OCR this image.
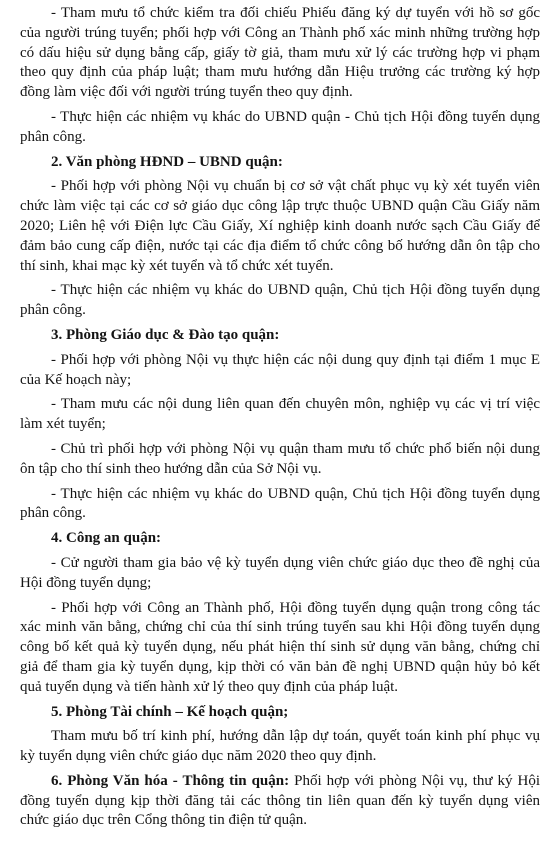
- Tham mưu tổ chức kiểm tra đối chiếu Phiếu đăng ký dự tuyển với hồ sơ gốc của người trúng tuyển; phối hợp với Công an Thành phố xác minh những trường hợp có dấu hiệu sử dụng bằng cấp, giấy tờ giả, tham mưu xử lý các trường hợp vi phạm theo quy định của pháp luật; tham mưu hướng dẫn Hiệu trưởng các trường ký hợp đồng làm việc đối với người trúng tuyển theo quy định.

- Thực hiện các nhiệm vụ khác do UBND quận - Chủ tịch Hội đồng tuyển dụng phân công.

2. Văn phòng HĐND – UBND quận:

- Phối hợp với phòng Nội vụ chuẩn bị cơ sở vật chất phục vụ kỳ xét tuyển viên chức làm việc tại các cơ sở giáo dục công lập trực thuộc UBND quận Cầu Giấy năm 2020; Liên hệ với Điện lực Cầu Giấy, Xí nghiệp kinh doanh nước sạch Cầu Giấy để đảm bảo cung cấp điện, nước tại các địa điểm tổ chức công bố hướng dẫn ôn tập cho thí sinh, khai mạc kỳ xét tuyển và tổ chức xét tuyển.

- Thực hiện các nhiệm vụ khác do UBND quận, Chủ tịch Hội đồng tuyển dụng phân công.

3. Phòng Giáo dục & Đào tạo quận:

- Phối hợp với phòng Nội vụ thực hiện các nội dung quy định tại điểm 1 mục E của Kế hoạch này;

- Tham mưu các nội dung liên quan đến chuyên môn, nghiệp vụ các vị trí việc làm xét tuyển;

- Chủ trì phối hợp với phòng Nội vụ quận tham mưu tổ chức phổ biến nội dung ôn tập cho thí sinh theo hướng dẫn của Sở Nội vụ.

- Thực hiện các nhiệm vụ khác do UBND quận, Chủ tịch Hội đồng tuyển dụng phân công.

4. Công an quận:

- Cử người tham gia bảo vệ kỳ tuyển dụng viên chức giáo dục theo đề nghị của Hội đồng tuyển dụng;

- Phối hợp với Công an Thành phố, Hội đồng tuyển dụng quận trong công tác xác minh văn bằng, chứng chỉ của thí sinh trúng tuyển sau khi Hội đồng tuyển dụng công bố kết quả kỳ tuyển dụng, nếu phát hiện thí sinh sử dụng văn bằng, chứng chỉ giả để tham gia kỳ tuyển dụng, kịp thời có văn bản đề nghị UBND quận hủy bỏ kết quả tuyển dụng và tiến hành xử lý theo quy định của pháp luật.

5. Phòng Tài chính – Kế hoạch quận;

Tham mưu bố trí kinh phí, hướng dẫn lập dự toán, quyết toán kinh phí phục vụ kỳ tuyển dụng viên chức giáo dục năm 2020 theo quy định.

6. Phòng Văn hóa - Thông tin quận: Phối hợp với phòng Nội vụ, thư ký Hội đồng tuyển dụng kịp thời đăng tải các thông tin liên quan đến kỳ tuyển dụng viên chức giáo dục trên Cổng thông tin điện tử quận.
